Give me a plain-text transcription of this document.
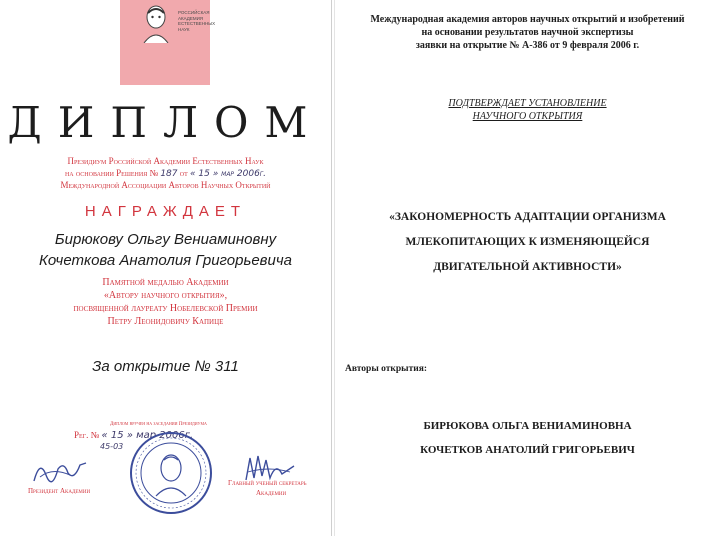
РОССИЙСКАЯ
АКАДЕМИЯ
ЕСТЕСТВЕННЫХ
НАУК
ДИПЛОМ
Президиум Российской Академии Естественных Наук
на основании Решения № 187 от « 15 » мар 2006г.
Международной Ассоциации Авторов Научных Открытий
НАГРАЖДАЕТ
Бирюкову Ольгу Вениаминовну
Кочеткова Анатолия Григорьевича
Памятной медалью Академии
«Автору научного открытия»,
посвященной лауреату Нобелевской Премии
Петру Леонидовичу Капице
За открытие № 311
Диплом вручен на заседании Президиума
Рег. № « 15 » мар 2006г.
45-03
Президент Академии
Главный ученый секретарь
Академии
Международная академия авторов научных открытий и изобретений
на основании результатов научной экспертизы
заявки на открытие № А-386 от 9 февраля 2006 г.
ПОДТВЕРЖДАЕТ УСТАНОВЛЕНИЕ
НАУЧНОГО ОТКРЫТИЯ
«ЗАКОНОМЕРНОСТЬ АДАПТАЦИИ ОРГАНИЗМА
МЛЕКОПИТАЮЩИХ К ИЗМЕНЯЮЩЕЙСЯ
ДВИГАТЕЛЬНОЙ АКТИВНОСТИ»
Авторы открытия:
БИРЮКОВА ОЛЬГА ВЕНИАМИНОВНА
КОЧЕТКОВ АНАТОЛИЙ ГРИГОРЬЕВИЧ
